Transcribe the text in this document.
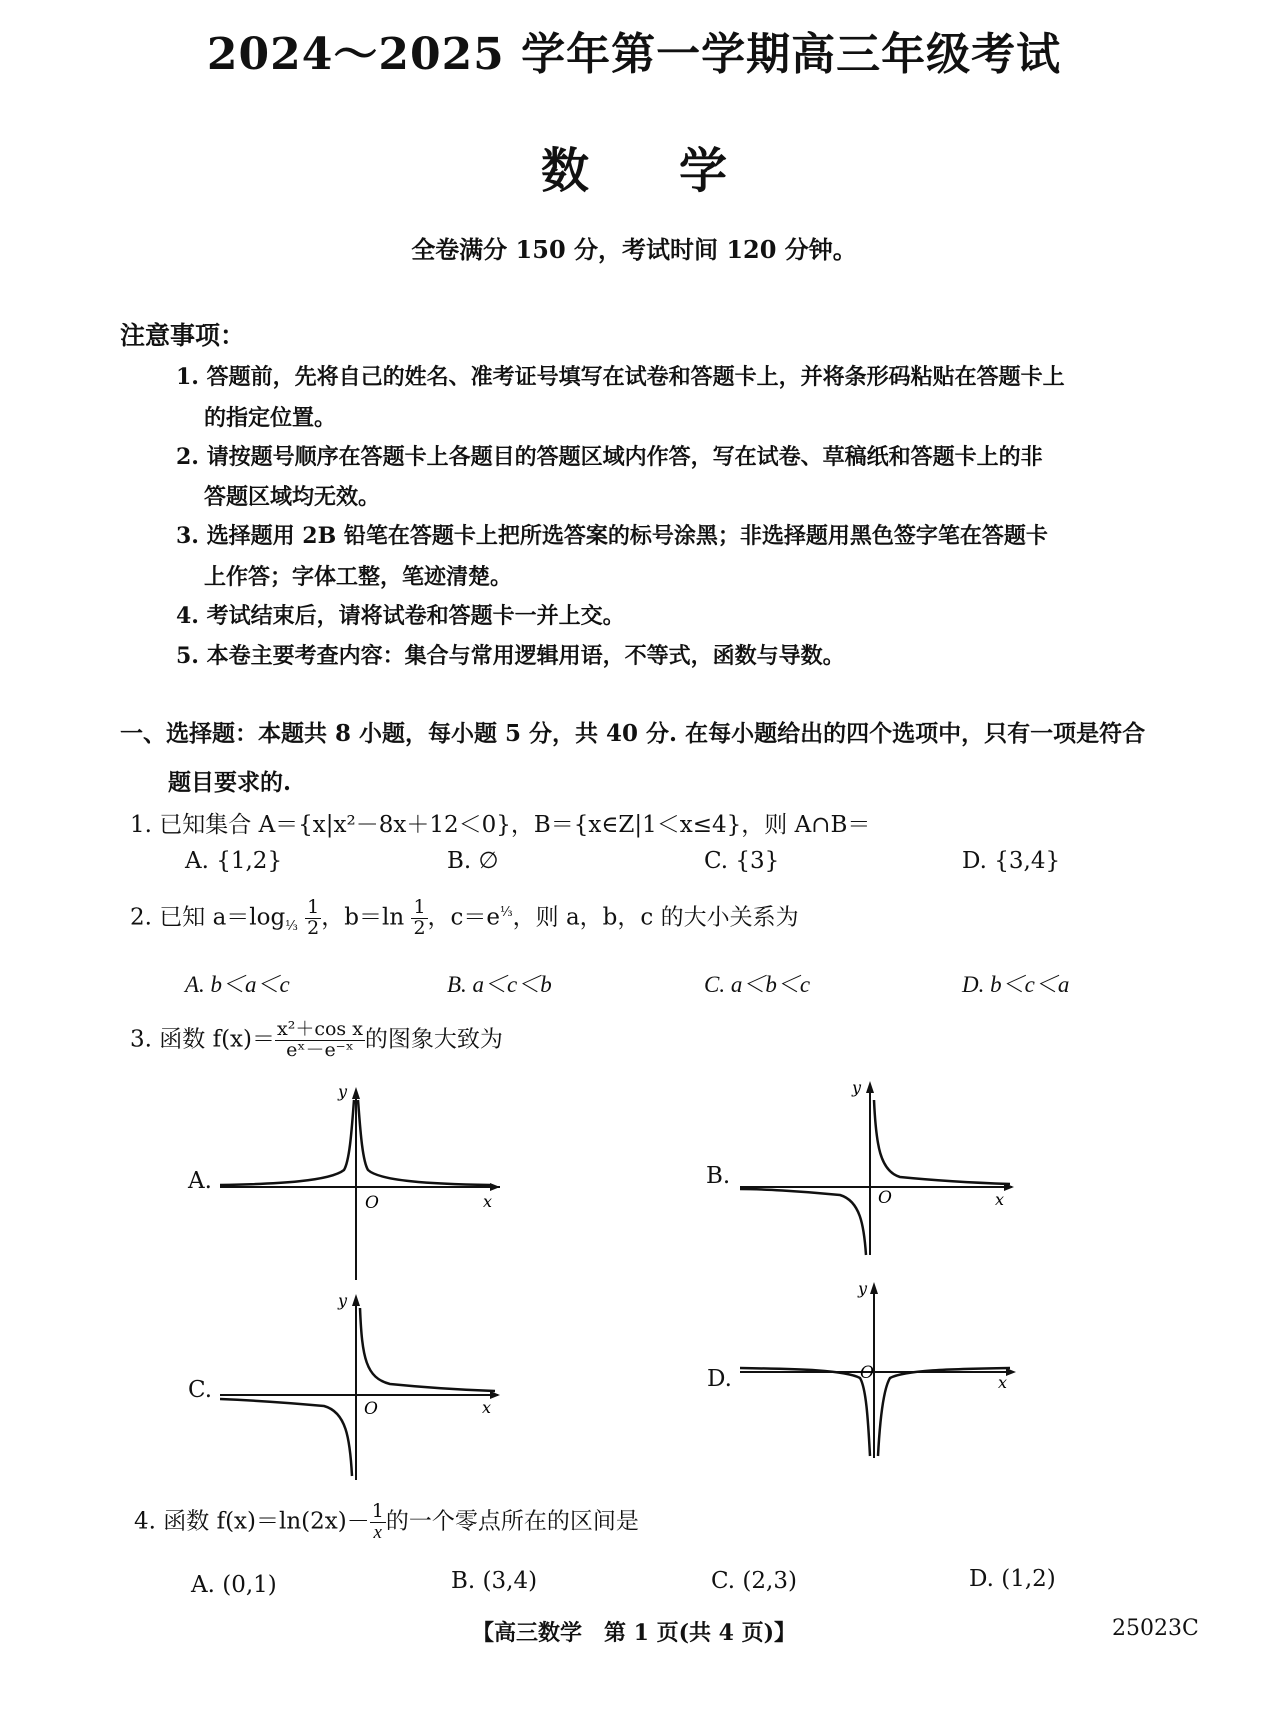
2024～2025 学年第一学期高三年级考试
数学
全卷满分 150 分，考试时间 120 分钟。
注意事项：
1. 答题前，先将自己的姓名、准考证号填写在试卷和答题卡上，并将条形码粘贴在答题卡上
的指定位置。
2. 请按题号顺序在答题卡上各题目的答题区域内作答，写在试卷、草稿纸和答题卡上的非
答题区域均无效。
3. 选择题用 2B 铅笔在答题卡上把所选答案的标号涂黑；非选择题用黑色签字笔在答题卡
上作答；字体工整，笔迹清楚。
4. 考试结束后，请将试卷和答题卡一并上交。
5. 本卷主要考查内容：集合与常用逻辑用语，不等式，函数与导数。
一、选择题：本题共 8 小题，每小题 5 分，共 40 分. 在每小题给出的四个选项中，只有一项是符合
题目要求的.
1. 已知集合 A＝{x|x²－8x＋12＜0}，B＝{x∈Z|1＜x≤4}，则 A∩B＝
A. {1,2}	B. ∅	C. {3}	D. {3,4}
2. 已知 $a=\log_{\frac{1}{3}} \frac{1}{2}$ ，$b=\ln \frac{1}{2}$ ，$c=e^{\frac{1}{3}}$，则 a，b，c 的大小关系为
A. b＜a＜c	B. a＜c＜b	C. a＜b＜c	D. b＜c＜a
3. 函数 $f(x)= \frac{\text{x²＋cos x}}{\text{eˣ－e⁻ˣ}}$ 的图象大致为
A.
y
O	x
B.
y
O	x
C.
y
O	x
D.
y
O	x
4. 函数 $f(x)=\ln(2x)- \frac{1}{x}$ 的一个零点所在的区间是
A. (0,1)	B. (3,4)	C. (2,3)	D. (1,2)
【高三数学　第 1 页(共 4 页)】	25023C
